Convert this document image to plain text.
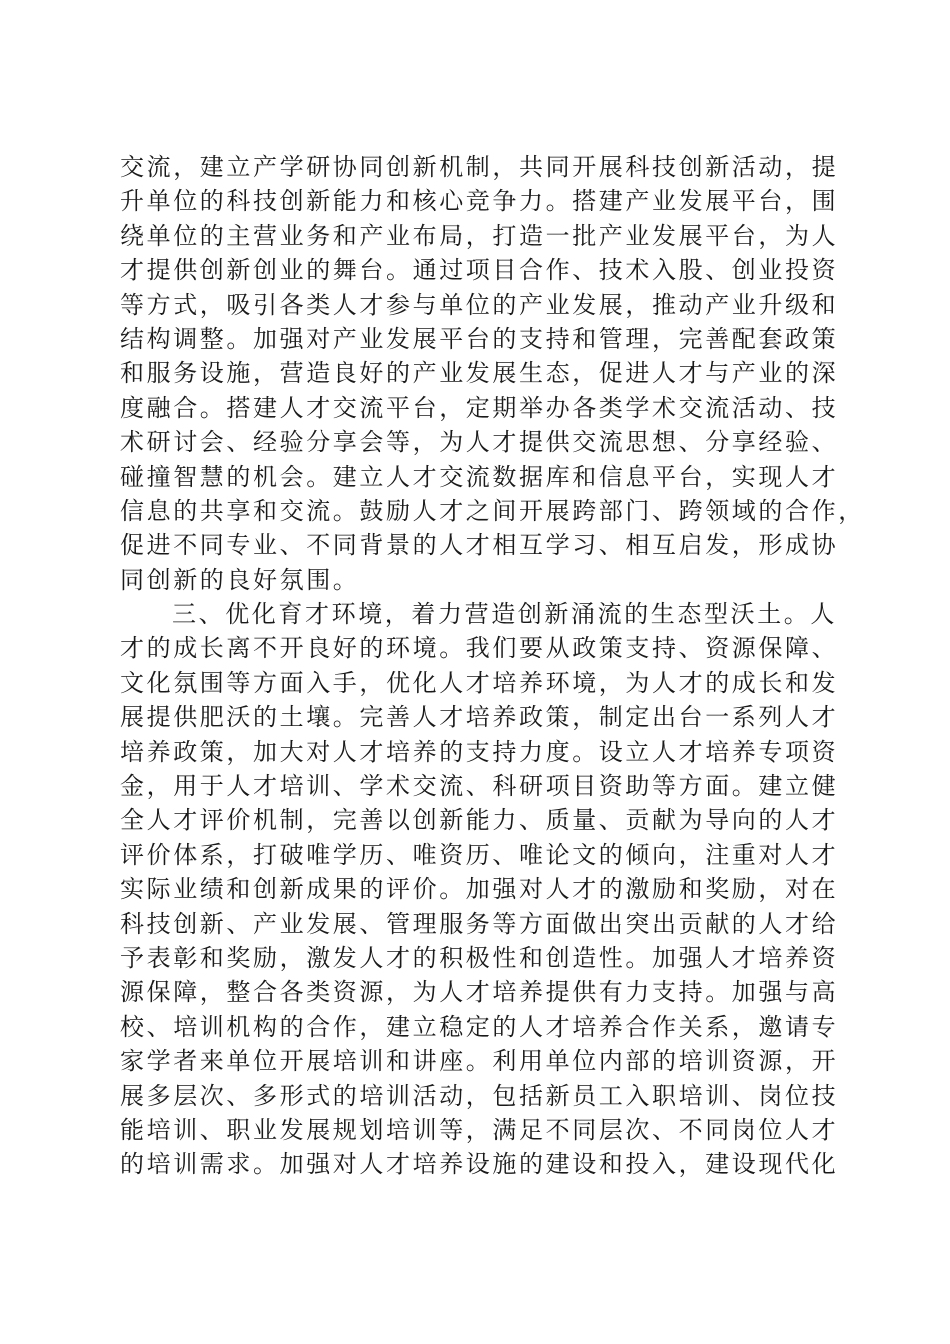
交流，建立产学研协同创新机制，共同开展科技创新活动，提
升单位的科技创新能力和核心竞争力。搭建产业发展平台，围
绕单位的主营业务和产业布局，打造一批产业发展平台，为人
才提供创新创业的舞台。通过项目合作、技术入股、创业投资
等方式，吸引各类人才参与单位的产业发展，推动产业升级和
结构调整。加强对产业发展平台的支持和管理，完善配套政策
和服务设施，营造良好的产业发展生态，促进人才与产业的深
度融合。搭建人才交流平台，定期举办各类学术交流活动、技
术研讨会、经验分享会等，为人才提供交流思想、分享经验、
碰撞智慧的机会。建立人才交流数据库和信息平台，实现人才
信息的共享和交流。鼓励人才之间开展跨部门、跨领域的合作，
促进不同专业、不同背景的人才相互学习、相互启发，形成协
同创新的良好氛围。
三、优化育才环境，着力营造创新涌流的生态型沃土。人
才的成长离不开良好的环境。我们要从政策支持、资源保障、
文化氛围等方面入手，优化人才培养环境，为人才的成长和发
展提供肥沃的土壤。完善人才培养政策，制定出台一系列人才
培养政策，加大对人才培养的支持力度。设立人才培养专项资
金，用于人才培训、学术交流、科研项目资助等方面。建立健
全人才评价机制，完善以创新能力、质量、贡献为导向的人才
评价体系，打破唯学历、唯资历、唯论文的倾向，注重对人才
实际业绩和创新成果的评价。加强对人才的激励和奖励，对在
科技创新、产业发展、管理服务等方面做出突出贡献的人才给
予表彰和奖励，激发人才的积极性和创造性。加强人才培养资
源保障，整合各类资源，为人才培养提供有力支持。加强与高
校、培训机构的合作，建立稳定的人才培养合作关系，邀请专
家学者来单位开展培训和讲座。利用单位内部的培训资源，开
展多层次、多形式的培训活动，包括新员工入职培训、岗位技
能培训、职业发展规划培训等，满足不同层次、不同岗位人才
的培训需求。加强对人才培养设施的建设和投入，建设现代化
